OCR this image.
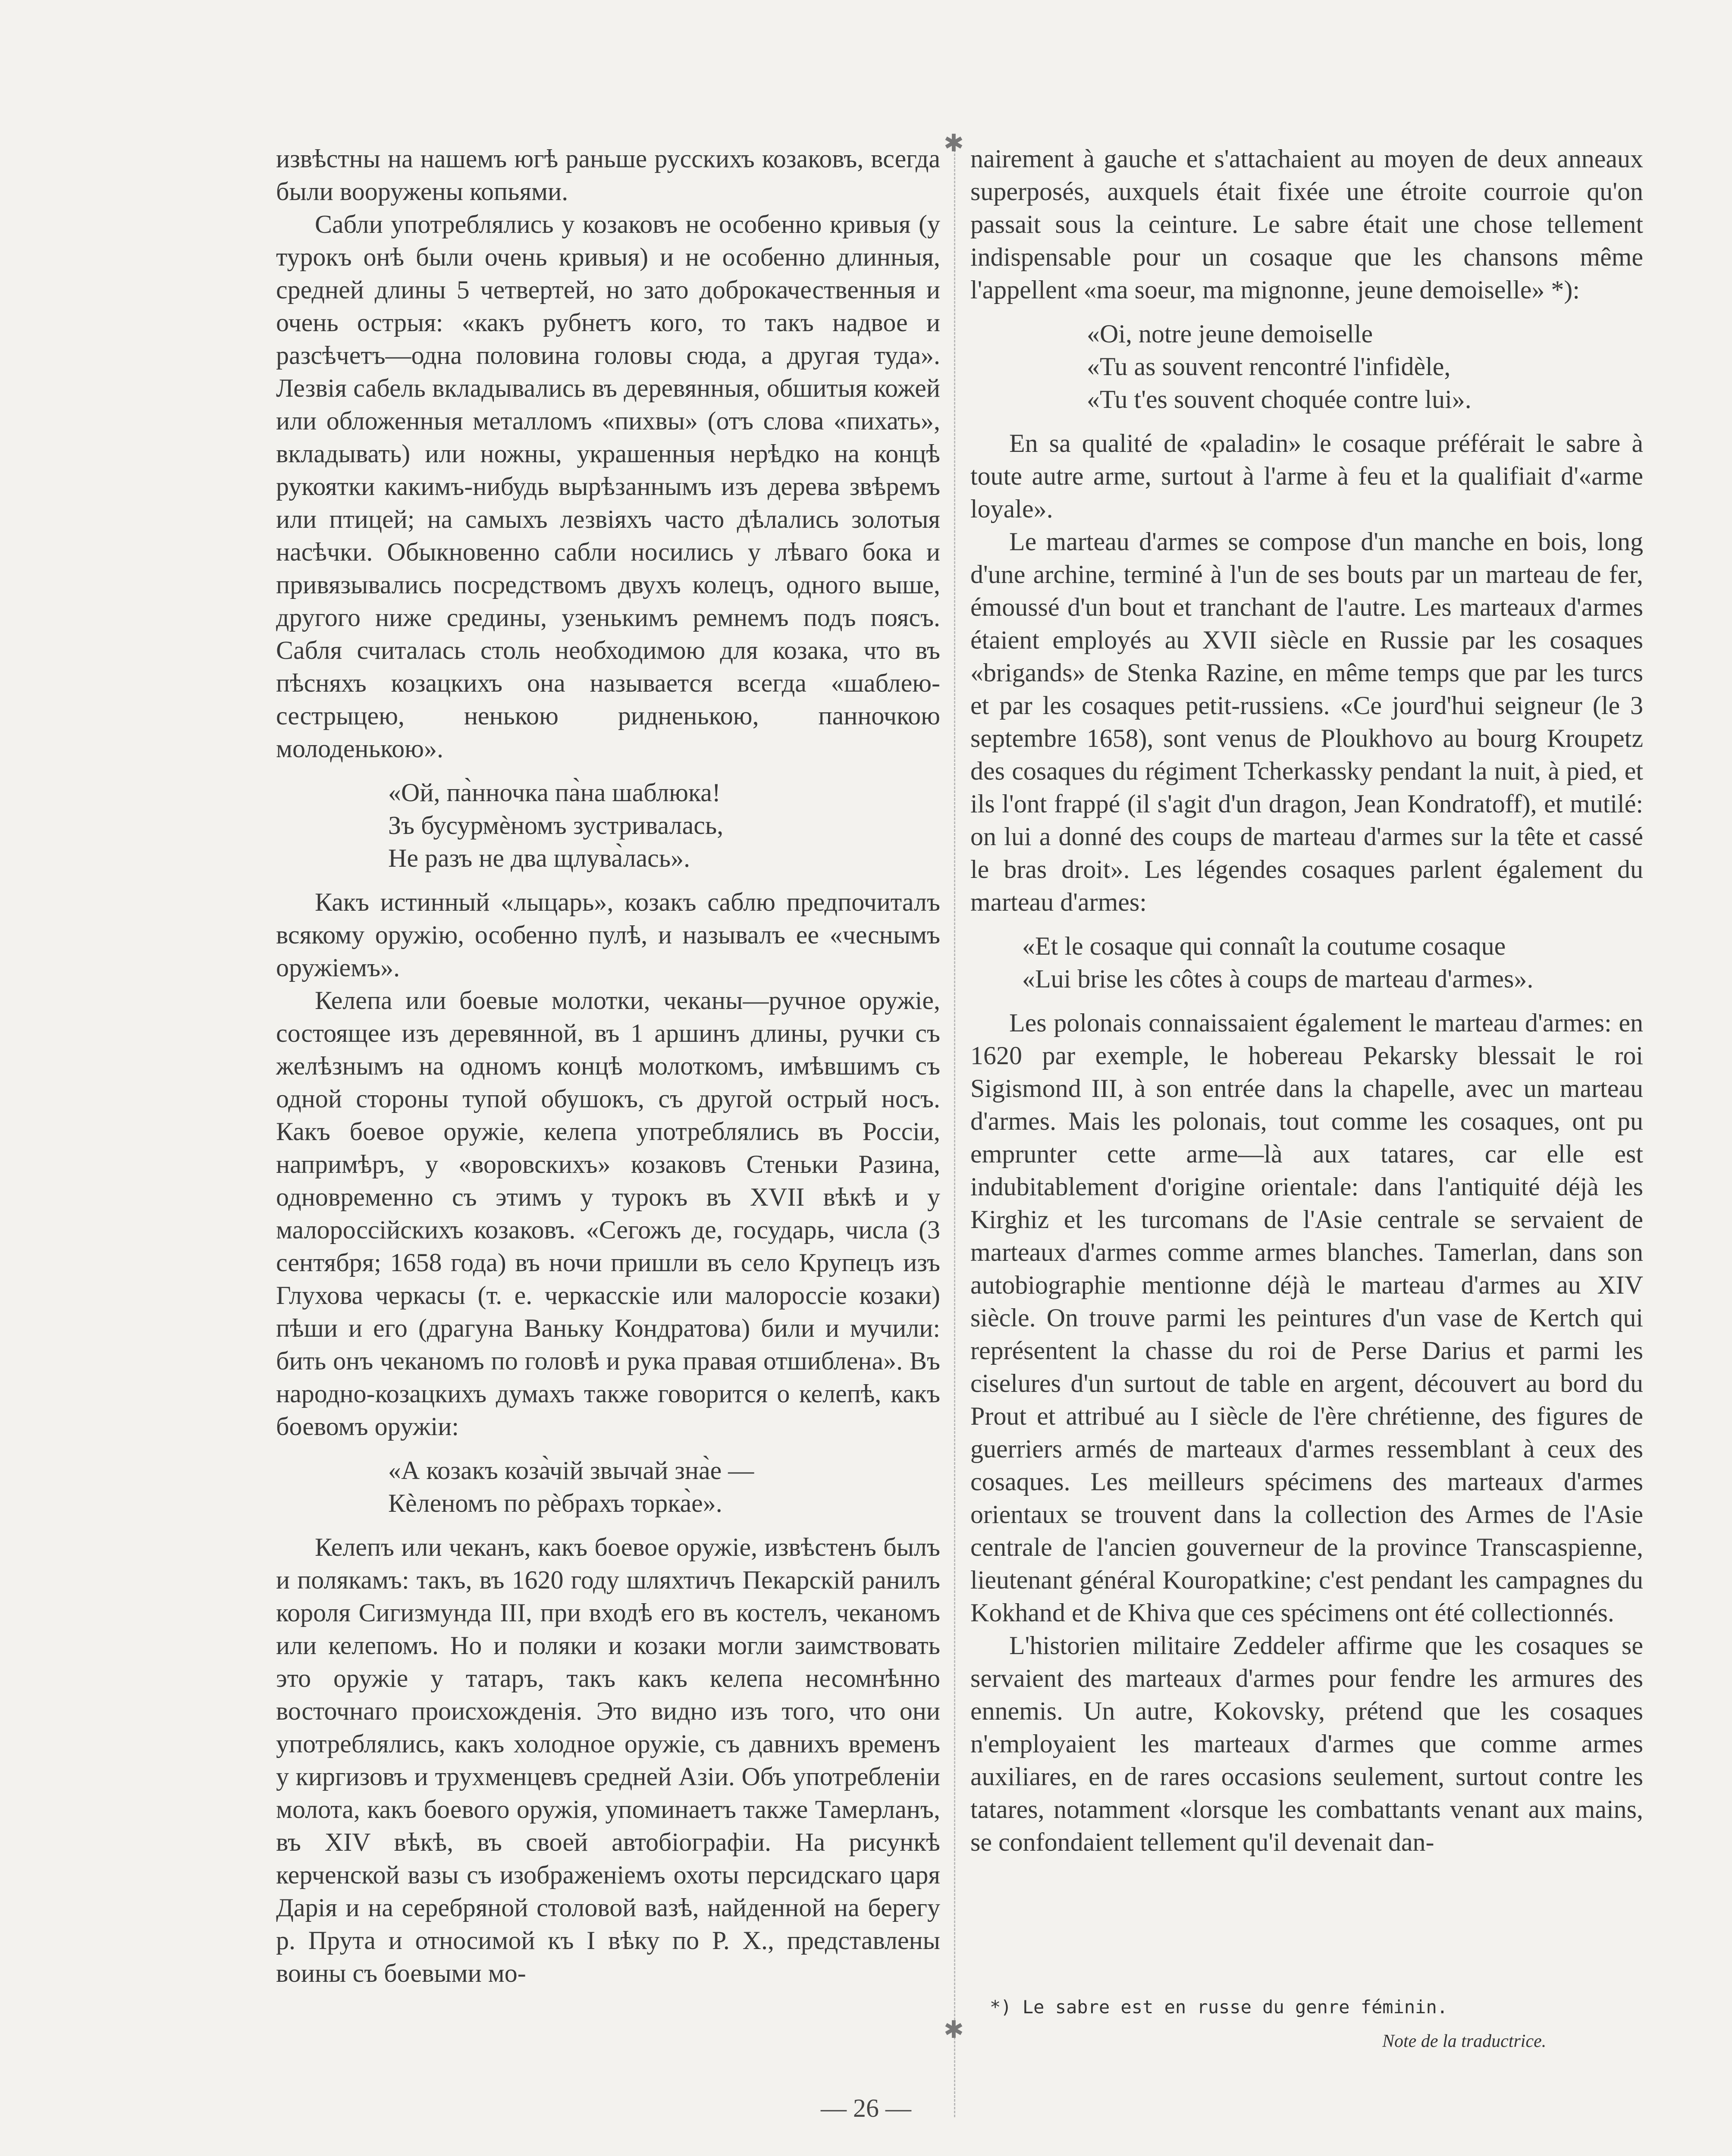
извѣстны на нашемъ югѣ раньше русскихъ козаковъ, всегда были вооружены копьями.

Сабли употреблялись у козаковъ не особенно кривыя (у турокъ онѣ были очень кривыя) и не особенно длинныя, средней длины 5 четвертей, но зато доброкачественныя и очень острыя: «какъ рубнетъ кого, то такъ надвое и разсѣчетъ—одна половина головы сюда, а другая туда». Лезвія сабель вкладывались въ деревянныя, обшитыя кожей или обложенныя металломъ «пихвы» (отъ слова «пихать», вкладывать) или ножны, украшенныя нерѣдко на концѣ рукоятки какимъ-нибудь вырѣзаннымъ изъ дерева звѣремъ или птицей; на самыхъ лезвіяхъ часто дѣлались золотыя насѣчки. Обыкновенно сабли носились у лѣваго бока и привязывались посредствомъ двухъ колецъ, одного выше, другого ниже средины, узенькимъ ремнемъ подъ поясъ. Сабля считалась столь необходимою для козака, что въ пѣсняхъ козацкихъ она называется всегда «шаблею-сестрыцею, ненькою ридненькою, панночкою молоденькою».

«Ой, па̀нночка па̀на шаблюка!
Зъ бусурмѐномъ зустривалась,
Не разъ не два щлува̀лась».

Какъ истинный «лыцарь», козакъ саблю предпочиталъ всякому оружію, особенно пулѣ, и называлъ ее «чеснымъ оружіемъ».

Келепа или боевые молотки, чеканы—ручное оружіе, состоящее изъ деревянной, въ 1 аршинъ длины, ручки съ желѣзнымъ на одномъ концѣ молоткомъ, имѣвшимъ съ одной стороны тупой обушокъ, съ другой острый носъ. Какъ боевое оружіе, келепа употреблялись въ Россіи, напримѣръ, у «воровскихъ» козаковъ Стеньки Разина, одновременно съ этимъ у турокъ въ XVII вѣкѣ и у малороссійскихъ козаковъ. «Сегожъ де, государь, числа (3 сентября; 1658 года) въ ночи пришли въ село Крупецъ изъ Глухова черкасы (т. е. черкасскіе или малороссіе козаки) пѣши и его (драгуна Ваньку Кондратова) били и мучили: бить онъ чеканомъ по головѣ и рука правая отшиблена». Въ народно-козацкихъ думахъ также говорится о келепѣ, какъ боевомъ оружіи:

«А козакъ коза̀чій звычай зна̀е —
Кѐленомъ по рѐбрахъ торка̀е».

Келепъ или чеканъ, какъ боевое оружіе, извѣстенъ былъ и полякамъ: такъ, въ 1620 году шляхтичъ Пекарскій ранилъ короля Сигизмунда III, при входѣ его въ костелъ, чеканомъ или келепомъ. Но и поляки и козаки могли заимствовать это оружіе у татаръ, такъ какъ келепа несомнѣнно восточнаго происхожденія. Это видно изъ того, что они употреблялись, какъ холодное оружіе, съ давнихъ временъ у киргизовъ и трухменцевъ средней Азіи. Объ употребленіи молота, какъ боевого оружія, упоминаетъ также Тамерланъ, въ XIV вѣкѣ, въ своей автобіографіи. На рисункѣ керченской вазы съ изображеніемъ охоты персидскаго царя Дарія и на серебряной столовой вазѣ, найденной на берегу р. Прута и относимой къ I вѣку по Р. Х., представлены воины съ боевыми мо-

✱
✱

nairement à gauche et s'attachaient au moyen de deux anneaux superposés, auxquels était fixée une étroite courroie qu'on passait sous la ceinture. Le sabre était une chose tellement indispensable pour un cosaque que les chansons même l'appellent «ma soeur, ma mignonne, jeune demoiselle» *):

«Oi, notre jeune demoiselle
«Tu as souvent rencontré l'infidèle,
«Tu t'es souvent choquée contre lui».

En sa qualité de «paladin» le cosaque préférait le sabre à toute autre arme, surtout à l'arme à feu et la qualifiait d'«arme loyale».

Le marteau d'armes se compose d'un manche en bois, long d'une archine, terminé à l'un de ses bouts par un marteau de fer, émoussé d'un bout et tranchant de l'autre. Les marteaux d'armes étaient employés au XVII siècle en Russie par les cosaques «brigands» de Stenka Razine, en même temps que par les turcs et par les cosaques petit-russiens. «Ce jourd'hui seigneur (le 3 septembre 1658), sont venus de Ploukhovo au bourg Kroupetz des cosaques du régiment Tcherkassky pendant la nuit, à pied, et ils l'ont frappé (il s'agit d'un dragon, Jean Kondratoff), et mutilé: on lui a donné des coups de marteau d'armes sur la tête et cassé le bras droit». Les légendes cosaques parlent également du marteau d'armes:

«Et le cosaque qui connaît la coutume cosaque
«Lui brise les côtes à coups de marteau d'armes».

Les polonais connaissaient également le marteau d'armes: en 1620 par exemple, le hobereau Pekarsky blessait le roi Sigismond III, à son entrée dans la chapelle, avec un marteau d'armes. Mais les polonais, tout comme les cosaques, ont pu emprunter cette arme—là aux tatares, car elle est indubitablement d'origine orientale: dans l'antiquité déjà les Kirghiz et les turcomans de l'Asie centrale se servaient de marteaux d'armes comme armes blanches. Tamerlan, dans son autobiographie mentionne déjà le marteau d'armes au XIV siècle. On trouve parmi les peintures d'un vase de Kertch qui représentent la chasse du roi de Perse Darius et parmi les ciselures d'un surtout de table en argent, découvert au bord du Prout et attribué au I siècle de l'ère chrétienne, des figures de guerriers armés de marteaux d'armes ressemblant à ceux des cosaques. Les meilleurs spécimens des marteaux d'armes orientaux se trouvent dans la collection des Armes de l'Asie centrale de l'ancien gouverneur de la province Transcaspienne, lieutenant général Kouropatkine; c'est pendant les campagnes du Kokhand et de Khiva que ces spécimens ont été collectionnés.

L'historien militaire Zeddeler affirme que les cosaques se servaient des marteaux d'armes pour fendre les armures des ennemis. Un autre, Kokovsky, prétend que les cosaques n'employaient les marteaux d'armes que comme armes auxiliares, en de rares occasions seulement, surtout contre les tatares, notamment «lorsque les combattants venant aux mains, se confondaient tellement qu'il devenait dan-

*) Le sabre est en russe du genre féminin.
Note de la traductrice.
— 26 —
